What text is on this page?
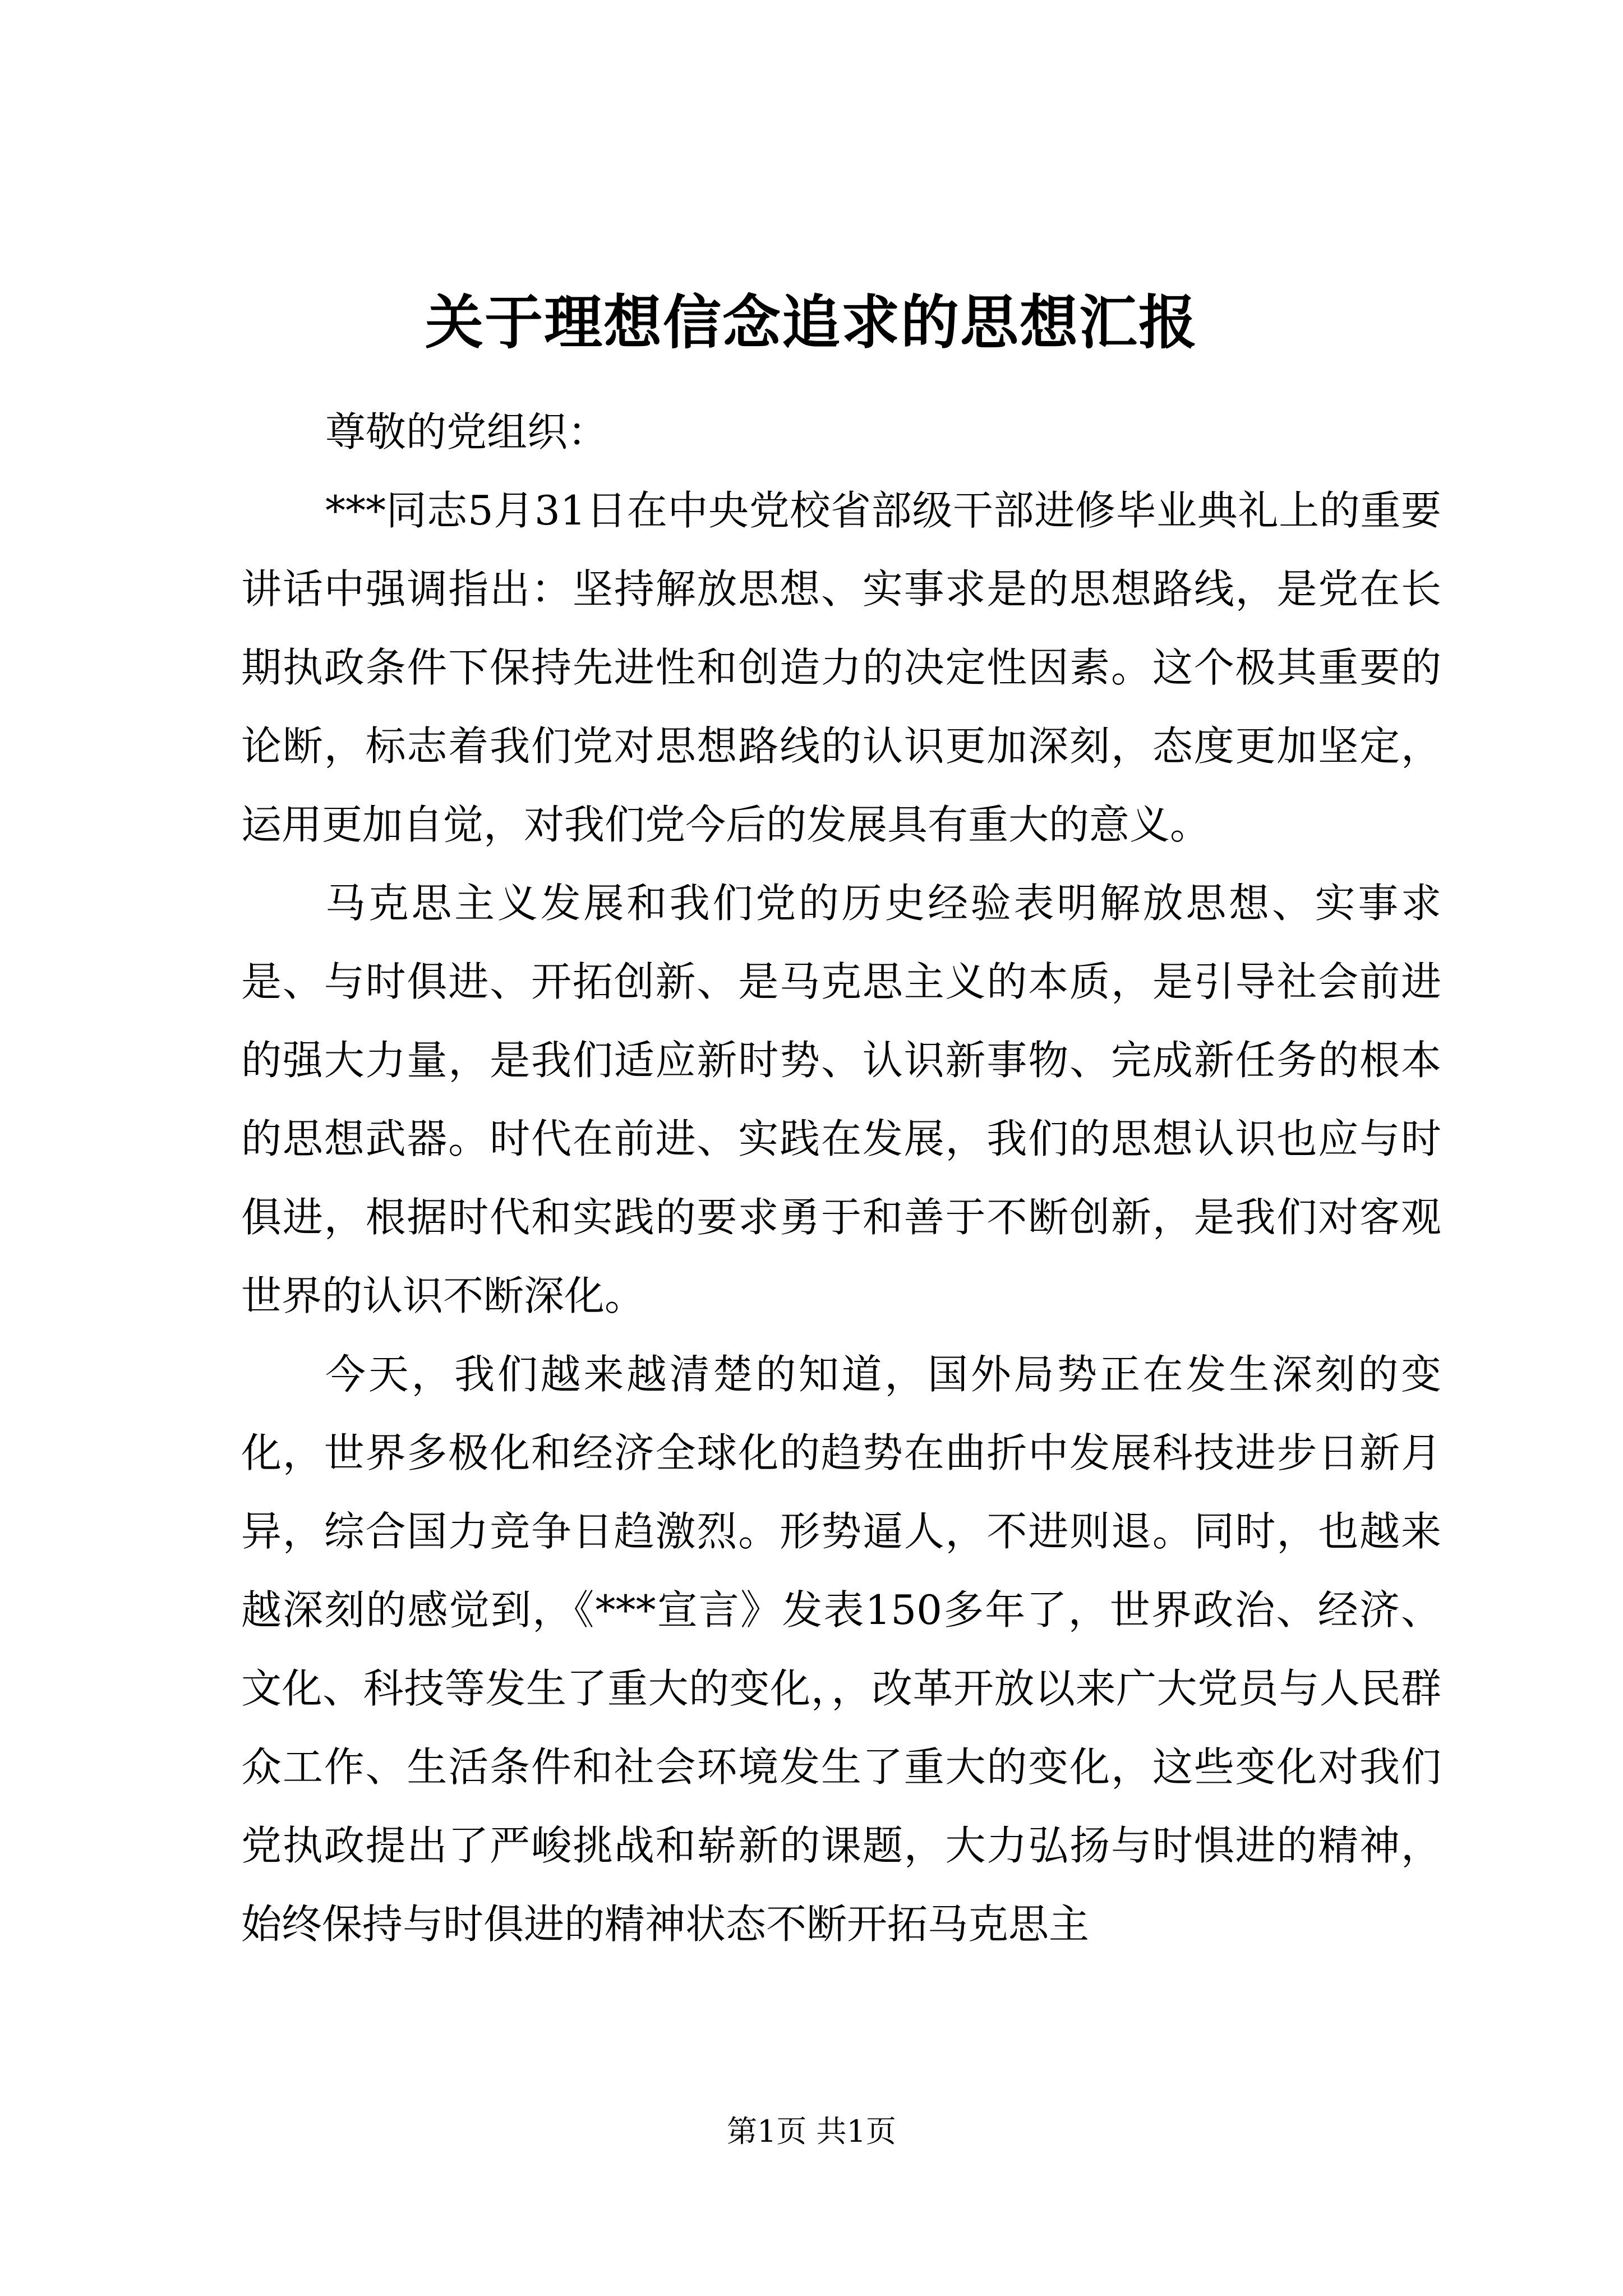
关于理想信念追求的思想汇报

尊敬的党组织：

***同志5月31日在中央党校省部级干部进修毕业典礼上的重要讲话中强调指出：坚持解放思想、实事求是的思想路线，是党在长期执政条件下保持先进性和创造力的决定性因素。这个极其重要的论断，标志着我们党对思想路线的认识更加深刻，态度更加坚定，运用更加自觉，对我们党今后的发展具有重大的意义。

马克思主义发展和我们党的历史经验表明解放思想、实事求是、与时俱进、开拓创新、是马克思主义的本质，是引导社会前进的强大力量，是我们适应新时势、认识新事物、完成新任务的根本的思想武器。时代在前进、实践在发展，我们的思想认识也应与时俱进，根据时代和实践的要求勇于和善于不断创新，是我们对客观世界的认识不断深化。

今天，我们越来越清楚的知道，国外局势正在发生深刻的变化，世界多极化和经济全球化的趋势在曲折中发展科技进步日新月异，综合国力竞争日趋激烈。形势逼人，不进则退。同时，也越来越深刻的感觉到，《***宣言》发表150多年了，世界政治、经济、文化、科技等发生了重大的变化，，改革开放以来广大党员与人民群众工作、生活条件和社会环境发生了重大的变化，这些变化对我们党执政提出了严峻挑战和崭新的课题，大力弘扬与时惧进的精神，始终保持与时俱进的精神状态不断开拓马克思主

第1页 共1页
